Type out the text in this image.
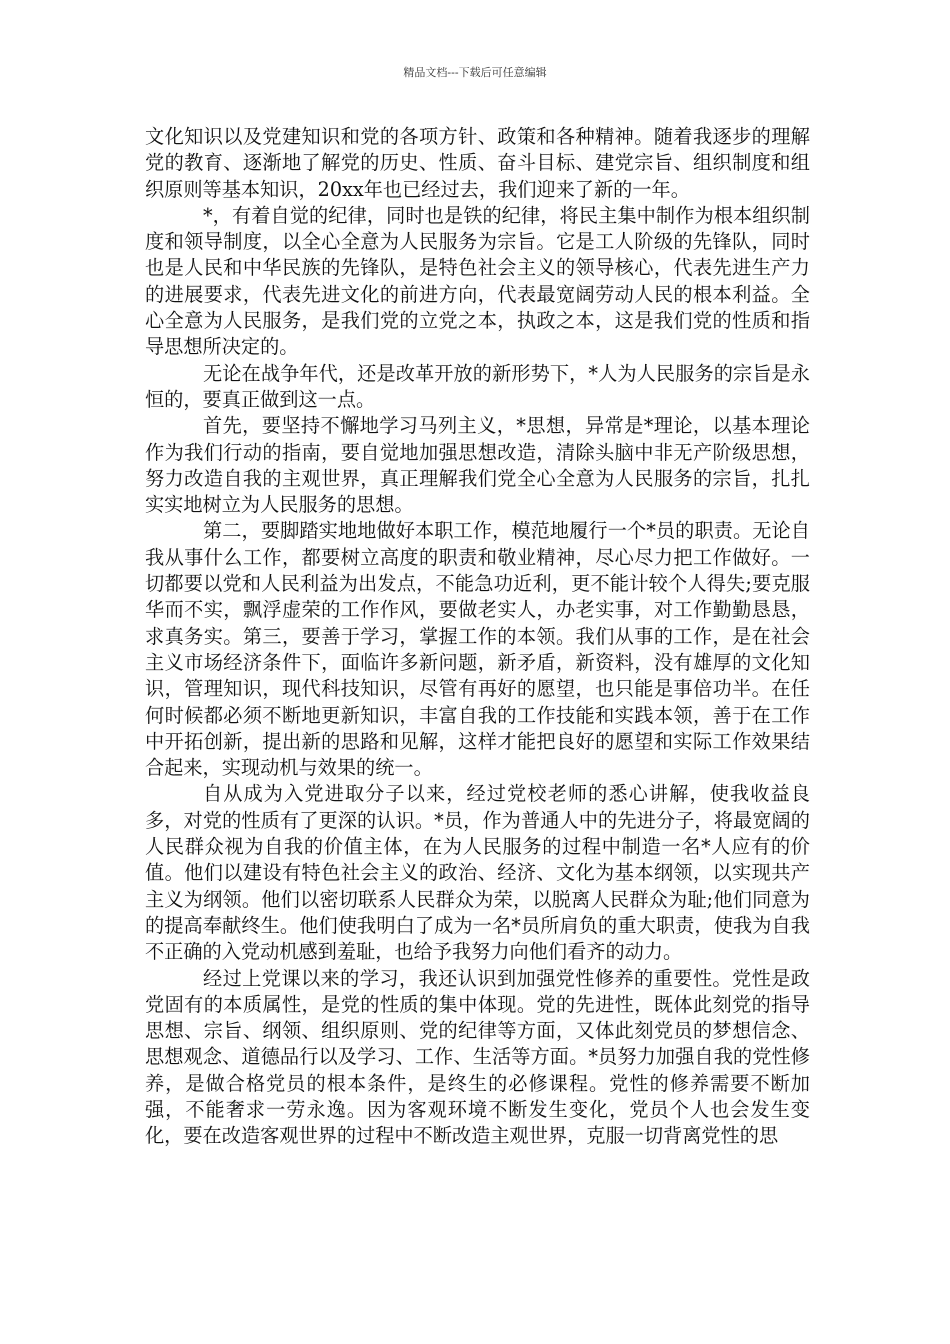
精品文档---下载后可任意编辑

文化知识以及党建知识和党的各项方针、政策和各种精神。随着我逐步的理解党的教育、逐渐地了解党的历史、性质、奋斗目标、建党宗旨、组织制度和组织原则等基本知识，20xx年也已经过去，我们迎来了新的一年。

*，有着自觉的纪律，同时也是铁的纪律，将民主集中制作为根本组织制度和领导制度，以全心全意为人民服务为宗旨。它是工人阶级的先锋队，同时也是人民和中华民族的先锋队，是特色社会主义的领导核心，代表先进生产力的进展要求，代表先进文化的前进方向，代表最宽阔劳动人民的根本利益。全心全意为人民服务，是我们党的立党之本，执政之本，这是我们党的性质和指导思想所决定的。

无论在战争年代，还是改革开放的新形势下，*人为人民服务的宗旨是永恒的，要真正做到这一点。

首先，要坚持不懈地学习马列主义，*思想，异常是*理论，以基本理论作为我们行动的指南，要自觉地加强思想改造，清除头脑中非无产阶级思想，努力改造自我的主观世界，真正理解我们党全心全意为人民服务的宗旨，扎扎实实地树立为人民服务的思想。

第二，要脚踏实地地做好本职工作，模范地履行一个*员的职责。无论自我从事什么工作，都要树立高度的职责和敬业精神，尽心尽力把工作做好。一切都要以党和人民利益为出发点，不能急功近利，更不能计较个人得失;要克服华而不实，飘浮虚荣的工作作风，要做老实人，办老实事，对工作勤勤恳恳，求真务实。第三，要善于学习，掌握工作的本领。我们从事的工作，是在社会主义市场经济条件下，面临许多新问题，新矛盾，新资料，没有雄厚的文化知识，管理知识，现代科技知识，尽管有再好的愿望，也只能是事倍功半。在任何时候都必须不断地更新知识，丰富自我的工作技能和实践本领，善于在工作中开拓创新，提出新的思路和见解，这样才能把良好的愿望和实际工作效果结合起来，实现动机与效果的统一。

自从成为入党进取分子以来，经过党校老师的悉心讲解，使我收益良多，对党的性质有了更深的认识。*员，作为普通人中的先进分子，将最宽阔的人民群众视为自我的价值主体，在为人民服务的过程中制造一名*人应有的价值。他们以建设有特色社会主义的政治、经济、文化为基本纲领，以实现共产主义为纲领。他们以密切联系人民群众为荣，以脱离人民群众为耻;他们同意为的提高奉献终生。他们使我明白了成为一名*员所肩负的重大职责，使我为自我不正确的入党动机感到羞耻，也给予我努力向他们看齐的动力。

经过上党课以来的学习，我还认识到加强党性修养的重要性。党性是政党固有的本质属性，是党的性质的集中体现。党的先进性，既体此刻党的指导思想、宗旨、纲领、组织原则、党的纪律等方面，又体此刻党员的梦想信念、思想观念、道德品行以及学习、工作、生活等方面。*员努力加强自我的党性修养，是做合格党员的根本条件，是终生的必修课程。党性的修养需要不断加强，不能奢求一劳永逸。因为客观环境不断发生变化，党员个人也会发生变化，要在改造客观世界的过程中不断改造主观世界，克服一切背离党性的思
